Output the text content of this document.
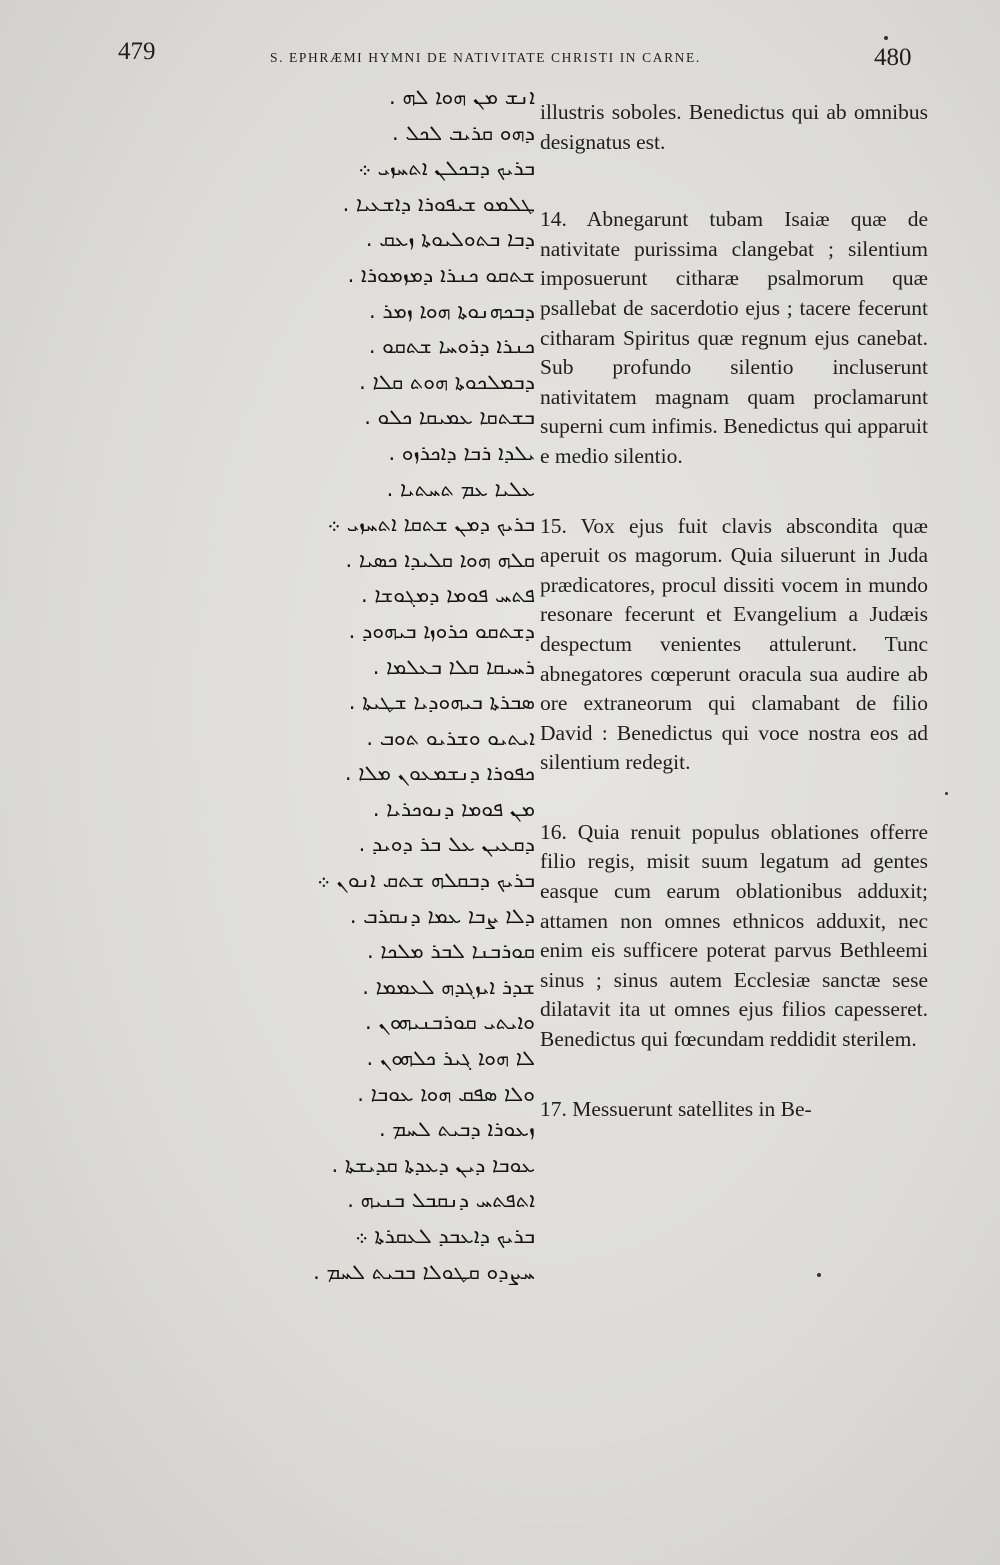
479	S. EPHRÆMI HYMNI DE NATIVITATE CHRISTI IN CARNE.	480
ܐܢܫ ܡܢ ܗܘܐ ܠܗ .
ܕܗܘ ܩܪܝܒ ܠܟܠ .
ܒܪܝܟ ܕܒܟܠܢ ܐܬܚܙܝ ܀
ܛܠܡܘ ܫܝܦܘܪܐ ܕܐܫܥܝܐ .
ܕܒܐ ܒܬܘܠܝܘܬܐ ܙܥܩ .
ܫܬܩܘ ܟܢܪܐ ܕܡܙܡܘܪܐ .
ܕܒܟܗܢܘܬܐ ܗܘܐ ܙܡܪ .
ܟܢܪܐ ܕܪܘܚܐ ܫܬܩܘ .
ܕܒܡܠܟܘܬܐ ܗܘܬ ܩܠܐ .
ܒܫܬܩܐ ܥܡܝܩܐ ܟܠܘ .
ܝܠܕܐ ܪܒܐ ܕܐܟܪܙܘ .
ܥܠܝܐ ܥܡ ܬܚܬܝܐ .
ܒܪܝܟ ܕܡܢ ܫܬܩܐ ܐܬܚܙܝ ܀
ܩܠܗ ܗܘܐ ܩܠܝܕܐ ܟܣܝܐ .
ܦܬܚ ܦܘܡܐ ܕܡܓܘܫܐ .
ܕܫܬܩܘ ܟܪܘܙܐ ܒܝܗܘܕ .
ܪܚܝܩܐ ܩܠܐ ܒܥܠܡܐ .
ܣܒܪܬܐ ܒܝܗܘܕܝܐ ܫܛܝܬܐ .
ܐܝܬܝܘ ܘܫܪܝܘ ܬܘܒ .
ܟܦܘܪܐ ܕܢܫܡܥܘܢ ܡܠܐ .
ܡܢ ܦܘܡܐ ܕܢܘܟܪܝܐ .
ܕܩܥܝܢ ܥܠ ܒܪ ܕܘܝܕ .
ܒܪܝܟ ܕܒܩܠܗ ܫܬܩ ܐܢܘܢ ܀
ܕܠܐ ܨܒܐ ܥܡܐ ܕܢܩܪܒ .
ܩܘܪܒܢܐ ܠܒܪ ܡܠܟܐ .
ܫܕܪ ܐܝܙܓܕܗ ܠܥܡܡܐ .
ܘܐܝܬܝ ܩܘܪܒܢܝܗܘܢ .
ܠܐ ܗܘܐ ܓܝܪ ܟܠܗܘܢ .
ܘܠܐ ܣܦܩ ܗܘܐ ܥܘܒܐ .
ܙܥܘܪܐ ܕܒܝܬ ܠܚܡ .
ܥܘܒܐ ܕܝܢ ܕܥܕܬܐ ܩܕܝܫܬܐ .
ܐܬܦܬܚ ܕܢܩܒܠ ܒܢܝܗ .
ܒܪܝܟ ܕܐܥܒܕ ܠܥܩܪܬܐ ܀
ܚܨܕܘ ܩܛܘܠܐ ܒܒܝܬ ܠܚܡ .

illustris soboles. Benedictus qui ab omnibus designatus est.

14. Abnegarunt tubam Isaiæ quæ de nativitate purissima clangebat ; silentium imposuerunt citharæ psalmorum quæ psallebat de sacerdotio ejus ; tacere fecerunt citharam Spiritus quæ regnum ejus canebat. Sub profundo silentio incluserunt nativitatem magnam quam proclamarunt superni cum infimis. Benedictus qui apparuit e medio silentio.

15. Vox ejus fuit clavis abscondita quæ aperuit os magorum. Quia siluerunt in Juda prædicatores, procul dissiti vocem in mundo resonare fecerunt et Evangelium a Judæis despectum venientes attulerunt. Tunc abnegatores cœperunt oracula sua audire ab ore extraneorum qui clamabant de filio David : Benedictus qui voce nostra eos ad silentium redegit.

16. Quia renuit populus oblationes offerre filio regis, misit suum legatum ad gentes easque cum earum oblationibus adduxit; attamen non omnes ethnicos adduxit, nec enim eis sufficere poterat parvus Bethleemi sinus ; sinus autem Ecclesiæ sanctæ sese dilatavit ita ut omnes ejus filios capesseret. Benedictus qui fœcundam reddidit sterilem.

17. Messuerunt satellites in Be-
